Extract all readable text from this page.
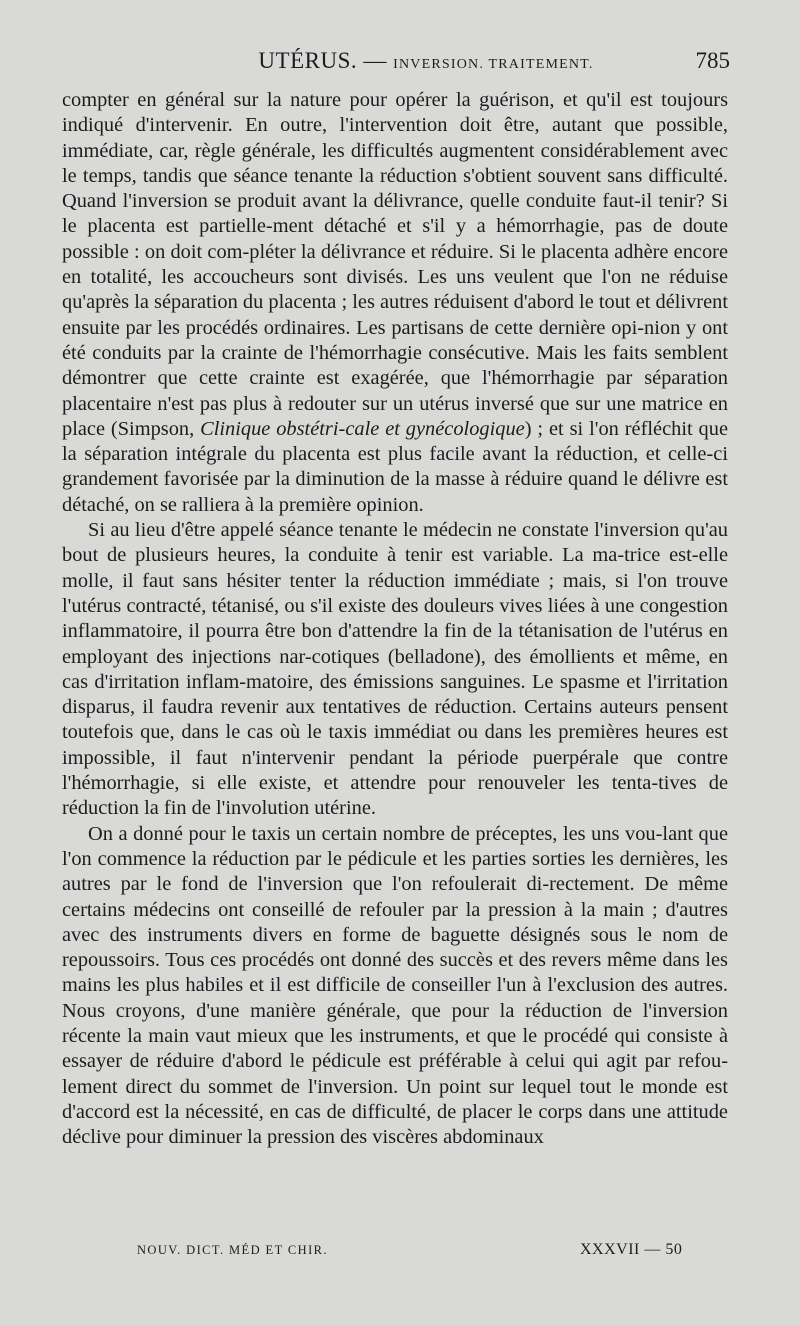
UTÉRUS. — INVERSION. TRAITEMENT.	785

compter en général sur la nature pour opérer la guérison, et qu'il est toujours indiqué d'intervenir. En outre, l'intervention doit être, autant que possible, immédiate, car, règle générale, les difficultés augmentent considérablement avec le temps, tandis que séance tenante la réduction s'obtient souvent sans difficulté. Quand l'inversion se produit avant la délivrance, quelle conduite faut-il tenir? Si le placenta est partielle-ment détaché et s'il y a hémorrhagie, pas de doute possible : on doit com-pléter la délivrance et réduire. Si le placenta adhère encore en totalité, les accoucheurs sont divisés. Les uns veulent que l'on ne réduise qu'après la séparation du placenta ; les autres réduisent d'abord le tout et délivrent ensuite par les procédés ordinaires. Les partisans de cette dernière opi-nion y ont été conduits par la crainte de l'hémorrhagie consécutive. Mais les faits semblent démontrer que cette crainte est exagérée, que l'hémorrhagie par séparation placentaire n'est pas plus à redouter sur un utérus inversé que sur une matrice en place (Simpson, Clinique obstétri-cale et gynécologique) ; et si l'on réfléchit que la séparation intégrale du placenta est plus facile avant la réduction, et celle-ci grandement favorisée par la diminution de la masse à réduire quand le délivre est détaché, on se ralliera à la première opinion.

Si au lieu d'être appelé séance tenante le médecin ne constate l'inversion qu'au bout de plusieurs heures, la conduite à tenir est variable. La ma-trice est-elle molle, il faut sans hésiter tenter la réduction immédiate ; mais, si l'on trouve l'utérus contracté, tétanisé, ou s'il existe des douleurs vives liées à une congestion inflammatoire, il pourra être bon d'attendre la fin de la tétanisation de l'utérus en employant des injections nar-cotiques (belladone), des émollients et même, en cas d'irritation inflam-matoire, des émissions sanguines. Le spasme et l'irritation disparus, il faudra revenir aux tentatives de réduction. Certains auteurs pensent toutefois que, dans le cas où le taxis immédiat ou dans les premières heures est impossible, il faut n'intervenir pendant la période puerpérale que contre l'hémorrhagie, si elle existe, et attendre pour renouveler les tenta-tives de réduction la fin de l'involution utérine.

On a donné pour le taxis un certain nombre de préceptes, les uns vou-lant que l'on commence la réduction par le pédicule et les parties sorties les dernières, les autres par le fond de l'inversion que l'on refoulerait di-rectement. De même certains médecins ont conseillé de refouler par la pression à la main ; d'autres avec des instruments divers en forme de baguette désignés sous le nom de repoussoirs. Tous ces procédés ont donné des succès et des revers même dans les mains les plus habiles et il est difficile de conseiller l'un à l'exclusion des autres. Nous croyons, d'une manière générale, que pour la réduction de l'inversion récente la main vaut mieux que les instruments, et que le procédé qui consiste à essayer de réduire d'abord le pédicule est préférable à celui qui agit par refou-lement direct du sommet de l'inversion. Un point sur lequel tout le monde est d'accord est la nécessité, en cas de difficulté, de placer le corps dans une attitude déclive pour diminuer la pression des viscères abdominaux

NOUV. DICT. MÉD ET CHIR.	XXXVII — 50
